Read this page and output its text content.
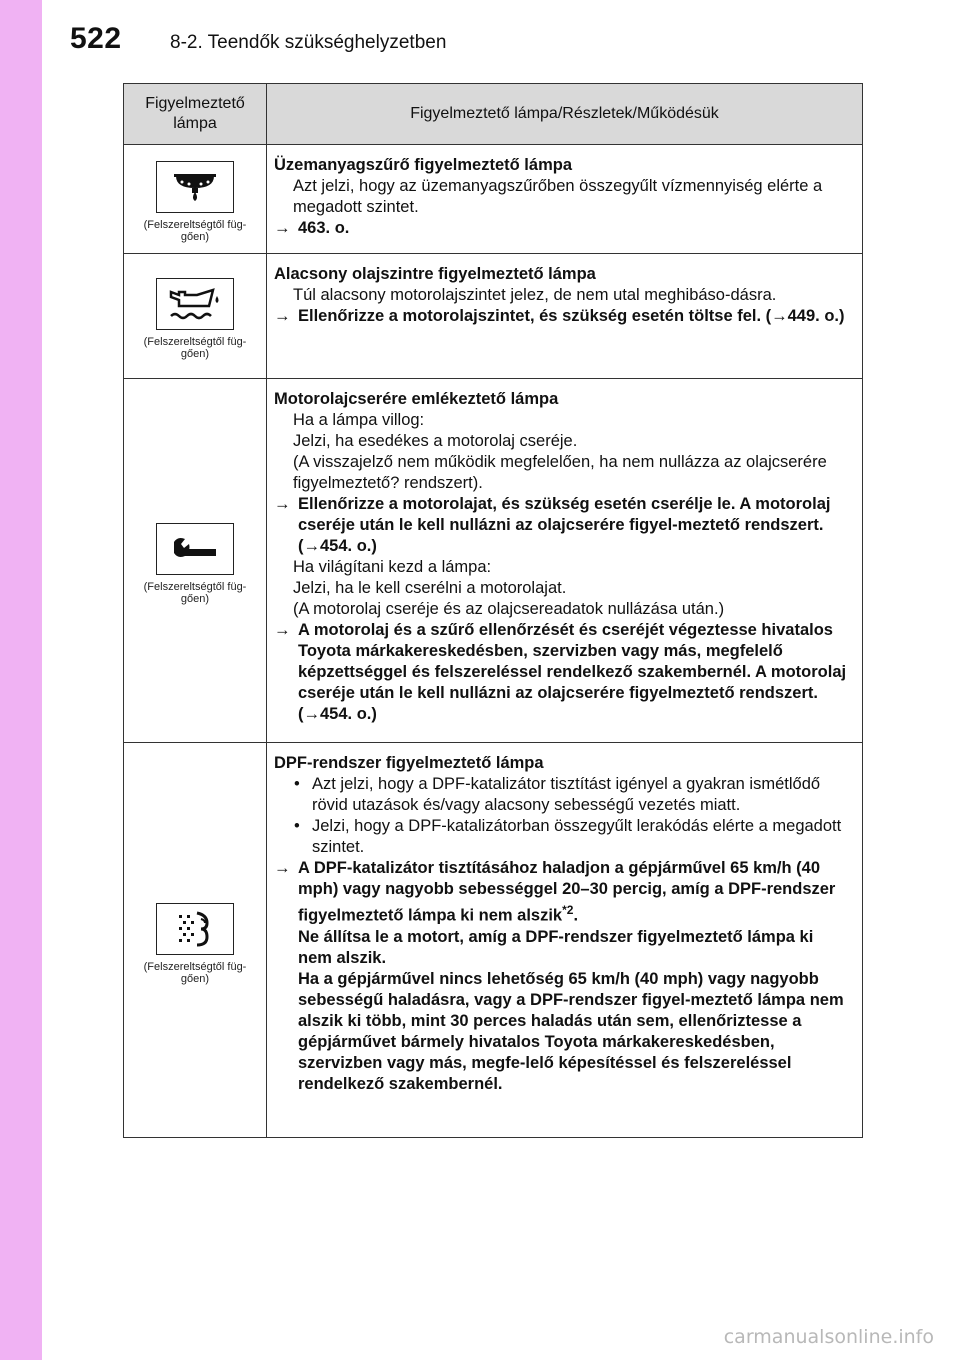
522	8-2. Teendők szükséghelyzetben
Figyelmeztető lámpa
Figyelmeztető lámpa/Részletek/Működésük
(Felszereltségtől füg-gően)
Üzemanyagszűrő figyelmeztető lámpa
Azt jelzi, hogy az üzemanyagszűrőben összegyűlt vízmennyiség elérte a megadott szintet.
→ 463. o.
(Felszereltségtől füg-gően)
Alacsony olajszintre figyelmeztető lámpa
Túl alacsony motorolajszintet jelez, de nem utal meghibáso-dásra.
→ Ellenőrizze a motorolajszintet, és szükség esetén töltse fel. (→449. o.)
(Felszereltségtől füg-gően)
Motorolajcserére emlékeztető lámpa
Ha a lámpa villog:
Jelzi, ha esedékes a motorolaj cseréje.
(A visszajelző nem működik megfelelően, ha nem nullázza az olajcserére figyelmeztető? rendszert).
→ Ellenőrizze a motorolajat, és szükség esetén cserélje le. A motorolaj cseréje után le kell nullázni az olajcserére figyel-meztető rendszert. (→454. o.)
Ha világítani kezd a lámpa:
Jelzi, ha le kell cserélni a motorolajat.
(A motorolaj cseréje és az olajcsereadatok nullázása után.)
→ A motorolaj és a szűrő ellenőrzését és cseréjét végeztesse hivatalos Toyota márkakereskedésben, szervizben vagy más, megfelelő képzettséggel és felszereléssel rendelkező szakembernél. A motorolaj cseréje után le kell nullázni az olajcserére figyelmeztető rendszert. (→454. o.)
(Felszereltségtől füg-gően)
DPF-rendszer figyelmeztető lámpa
• Azt jelzi, hogy a DPF-katalizátor tisztítást igényel a gyakran ismétlődő rövid utazások és/vagy alacsony sebességű vezetés miatt.
• Jelzi, hogy a DPF-katalizátorban összegyűlt lerakódás elérte a megadott szintet.
→ A DPF-katalizátor tisztításához haladjon a gépjárművel 65 km/h (40 mph) vagy nagyobb sebességgel 20–30 percig, amíg a DPF-rendszer figyelmeztető lámpa ki nem alszik$^{*2}$.
Ne állítsa le a motort, amíg a DPF-rendszer figyelmeztető lámpa ki nem alszik.
Ha a gépjárművel nincs lehetőség 65 km/h (40 mph) vagy nagyobb sebességű haladásra, vagy a DPF-rendszer figyel-meztető lámpa nem alszik ki több, mint 30 perces haladás után sem, ellenőriztesse a gépjárművet bármely hivatalos Toyota márkakereskedésben, szervizben vagy más, megfe-lelő képesítéssel és felszereléssel rendelkező szakembernél.
carmanualsonline.info
